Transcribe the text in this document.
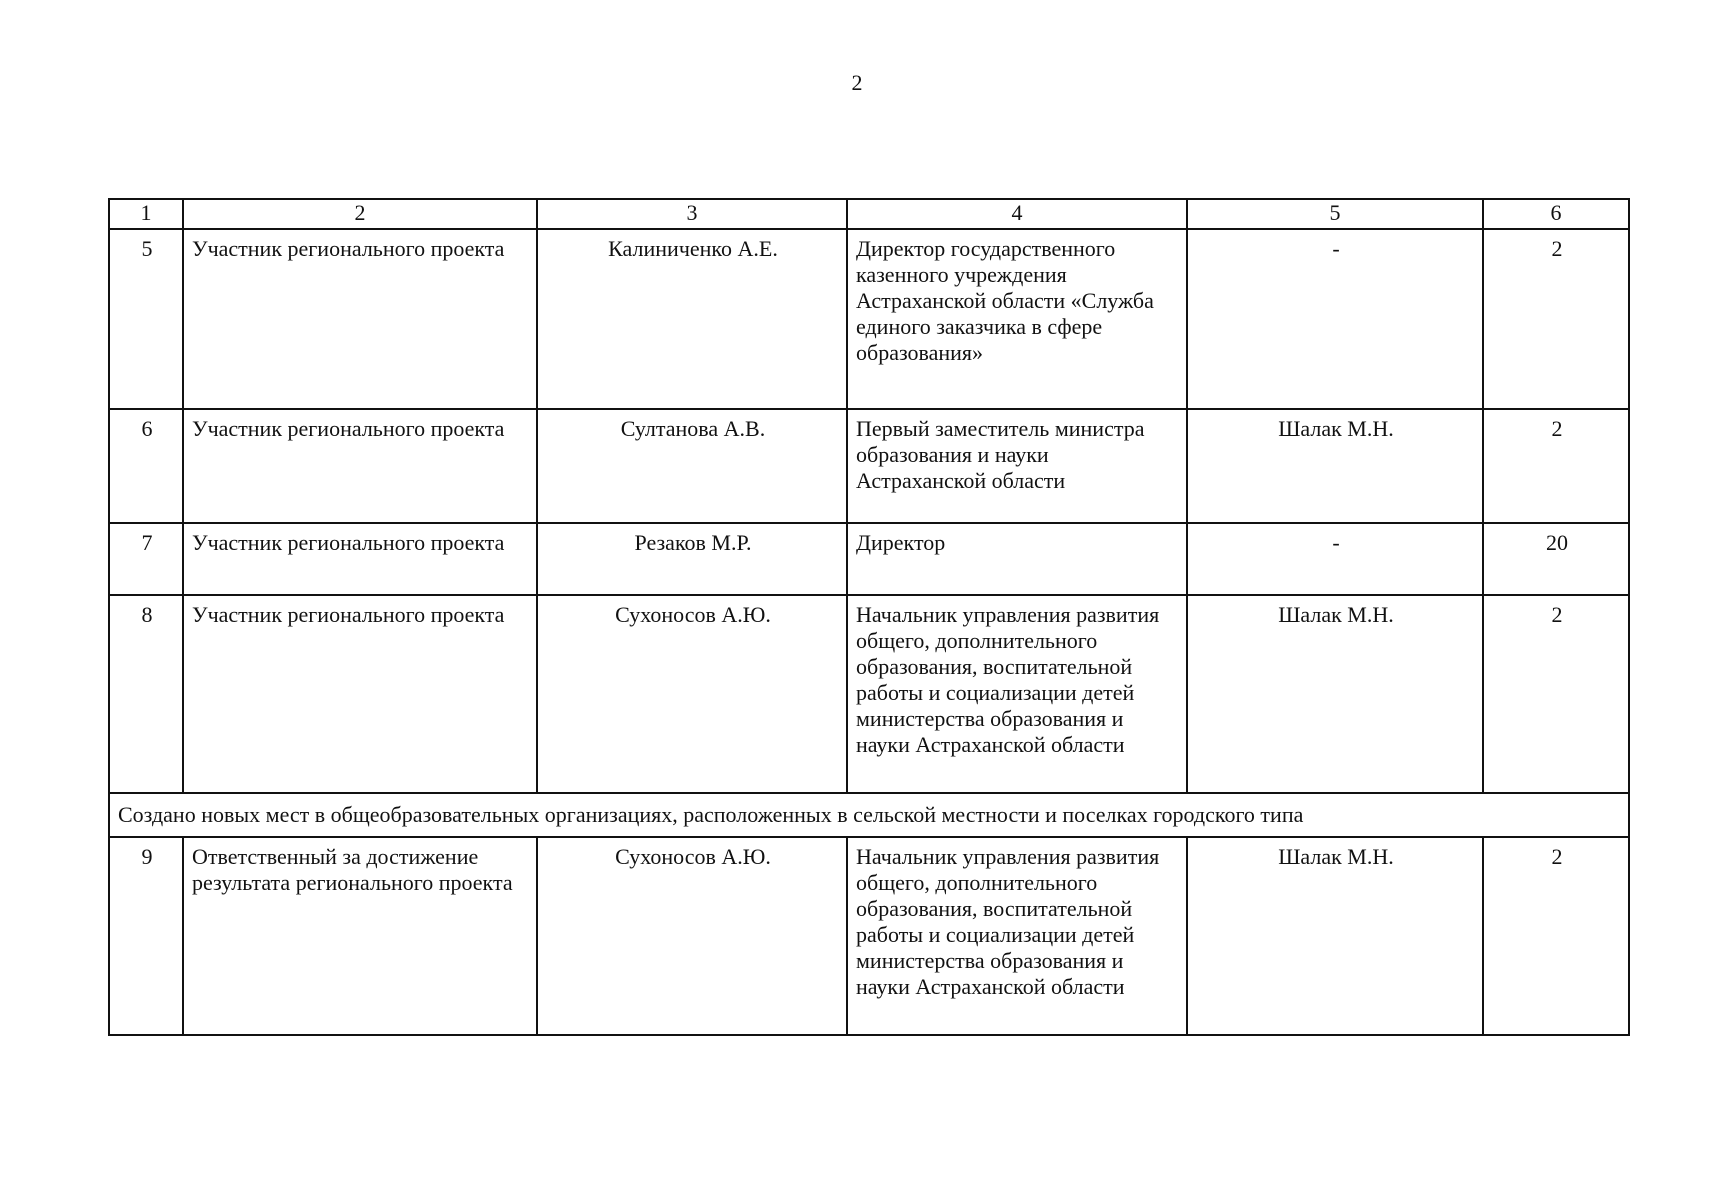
2
1	2	3	4	5	6
5	Участник регионального проекта	Калиниченко А.Е.	Директор государственного казенного учреждения Астраханской области «Служба единого заказчика в сфере образования»	-	2
6	Участник регионального проекта	Султанова А.В.	Первый заместитель министра образования и науки Астраханской области	Шалак М.Н.	2
7	Участник регионального проекта	Резаков М.Р.	Директор	-	20
8	Участник регионального проекта	Сухоносов А.Ю.	Начальник управления развития общего, дополнительного образования, воспитательной работы и социализации детей министерства образования и науки Астраханской области	Шалак М.Н.	2
Создано новых мест в общеобразовательных организациях, расположенных в сельской местности и поселках городского типа					
9	Ответственный за достижение результата регионального проекта	Сухоносов А.Ю.	Начальник управления развития общего, дополнительного образования, воспитательной работы и социализации детей министерства образования и науки Астраханской области	Шалак М.Н.	2
